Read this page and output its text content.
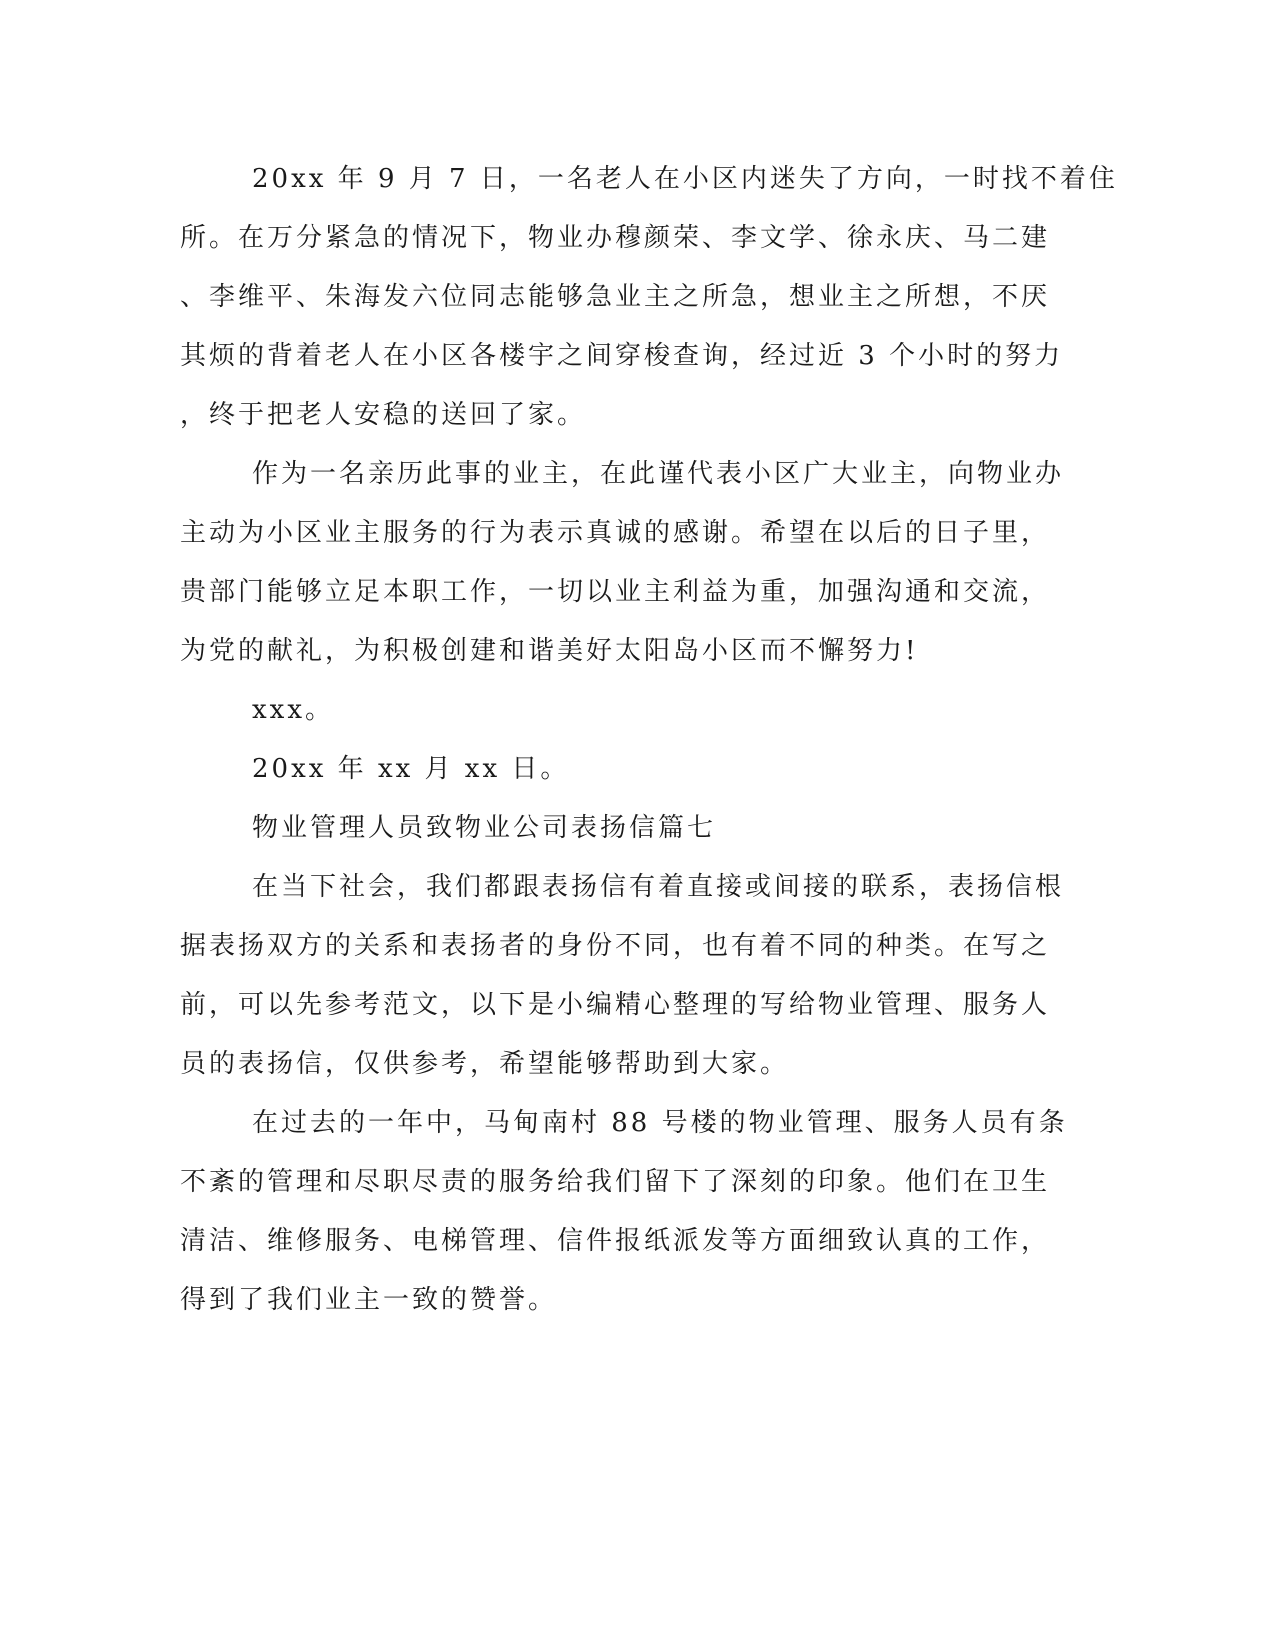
20xx 年 9 月 7 日，一名老人在小区内迷失了方向，一时找不着住
所。在万分紧急的情况下，物业办穆颜荣、李文学、徐永庆、马二建
、李维平、朱海发六位同志能够急业主之所急，想业主之所想，不厌
其烦的背着老人在小区各楼宇之间穿梭查询，经过近 3 个小时的努力
，终于把老人安稳的送回了家。
作为一名亲历此事的业主，在此谨代表小区广大业主，向物业办
主动为小区业主服务的行为表示真诚的感谢。希望在以后的日子里，
贵部门能够立足本职工作，一切以业主利益为重，加强沟通和交流，
为党的献礼，为积极创建和谐美好太阳岛小区而不懈努力!
xxx。
20xx 年 xx 月 xx 日。
物业管理人员致物业公司表扬信篇七
在当下社会，我们都跟表扬信有着直接或间接的联系，表扬信根
据表扬双方的关系和表扬者的身份不同，也有着不同的种类。在写之
前，可以先参考范文，以下是小编精心整理的写给物业管理、服务人
员的表扬信，仅供参考，希望能够帮助到大家。
在过去的一年中，马甸南村 88 号楼的物业管理、服务人员有条
不紊的管理和尽职尽责的服务给我们留下了深刻的印象。他们在卫生
清洁、维修服务、电梯管理、信件报纸派发等方面细致认真的工作，
得到了我们业主一致的赞誉。
